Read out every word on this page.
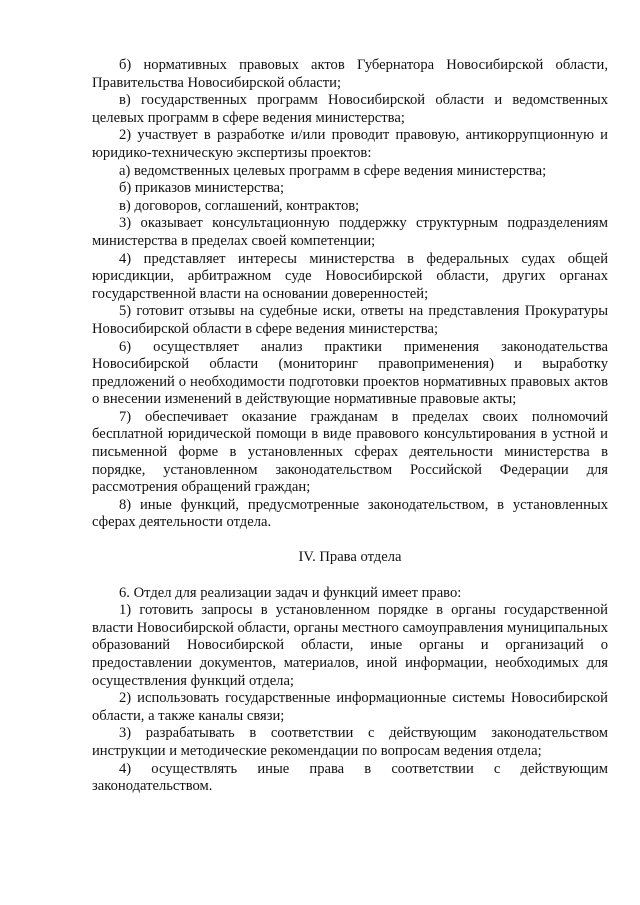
б) нормативных правовых актов Губернатора Новосибирской области, Правительства Новосибирской области;

в) государственных программ Новосибирской области и ведомственных целевых программ в сфере ведения министерства;

2) участвует в разработке и/или проводит правовую, антикоррупционную и юридико-техническую экспертизы проектов:

а) ведомственных целевых программ в сфере ведения министерства;

б) приказов министерства;

в) договоров, соглашений, контрактов;

3) оказывает консультационную поддержку структурным подразделениям министерства в пределах своей компетенции;

4) представляет интересы министерства в федеральных судах общей юрисдикции, арбитражном суде Новосибирской области, других органах государственной власти на основании доверенностей;

5) готовит отзывы на судебные иски, ответы на представления Прокуратуры Новосибирской области в сфере ведения министерства;

6) осуществляет анализ практики применения законодательства Новосибирской области (мониторинг правоприменения) и выработку предложений о необходимости подготовки проектов нормативных правовых актов о внесении изменений в действующие нормативные правовые акты;

7) обеспечивает оказание гражданам в пределах своих полномочий бесплатной юридической помощи в виде правового консультирования в устной и письменной форме в установленных сферах деятельности министерства в порядке, установленном законодательством Российской Федерации для рассмотрения обращений граждан;

8) иные функций, предусмотренные законодательством, в установленных сферах деятельности отдела.

IV. Права отдела

6. Отдел для реализации задач и функций имеет право:

1) готовить запросы в установленном порядке в органы государственной власти Новосибирской области, органы местного самоуправления муниципальных образований Новосибирской области, иные органы и организаций о предоставлении документов, материалов, иной информации, необходимых для осуществления функций отдела;

2) использовать государственные информационные системы Новосибирской области, а также каналы связи;

3) разрабатывать в соответствии с действующим законодательством инструкции и методические рекомендации по вопросам ведения отдела;

4) осуществлять иные права в соответствии с действующим законодательством.
